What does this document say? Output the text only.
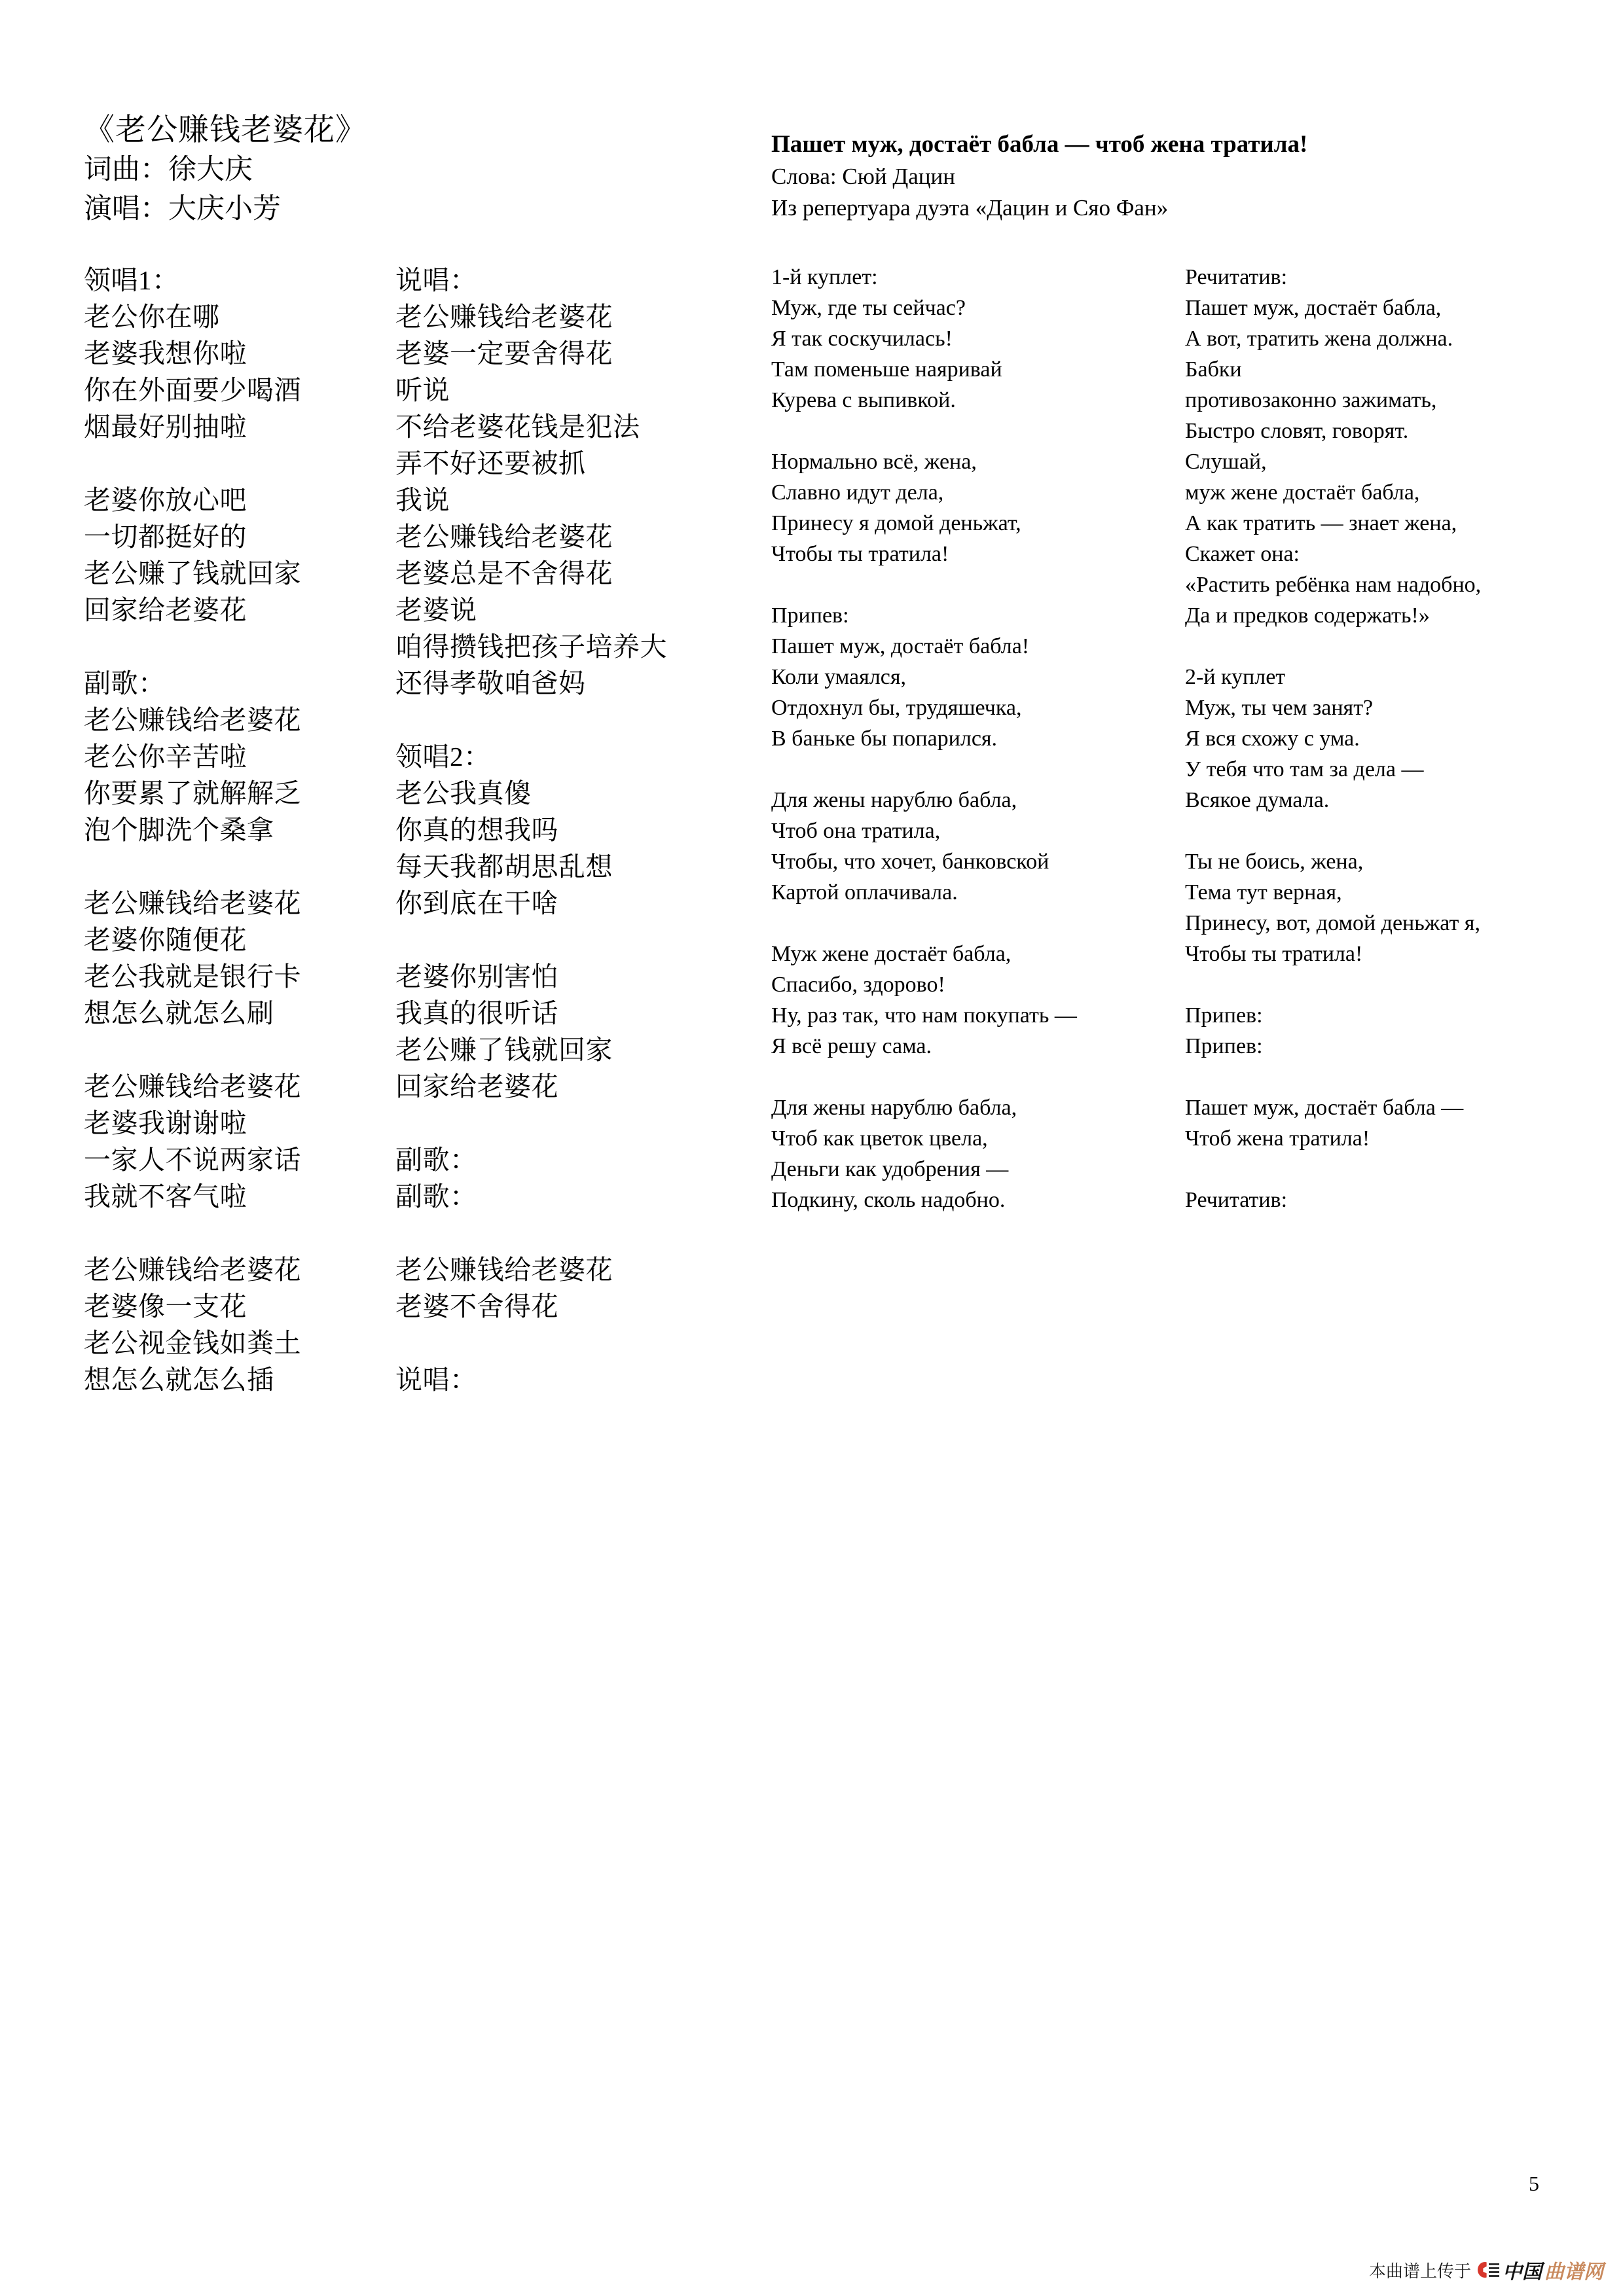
《老公赚钱老婆花》
词曲：徐大庆
演唱：大庆小芳
Пашет муж, достаёт бабла — чтоб жена тратила!
Слова: Сюй Дацин
Из репертуара дуэта «Дацин и Сяо Фан»
领唱1：
老公你在哪
老婆我想你啦
你在外面要少喝酒
烟最好别抽啦
老婆你放心吧
一切都挺好的
老公赚了钱就回家
回家给老婆花
副歌：
老公赚钱给老婆花
老公你辛苦啦
你要累了就解解乏
泡个脚洗个桑拿
老公赚钱给老婆花
老婆你随便花
老公我就是银行卡
想怎么就怎么刷
老公赚钱给老婆花
老婆我谢谢啦
一家人不说两家话
我就不客气啦
老公赚钱给老婆花
老婆像一支花
老公视金钱如粪土
想怎么就怎么插
说唱：
老公赚钱给老婆花
老婆一定要舍得花
听说
不给老婆花钱是犯法
弄不好还要被抓
我说
老公赚钱给老婆花
老婆总是不舍得花
老婆说
咱得攒钱把孩子培养大
还得孝敬咱爸妈
领唱2：
老公我真傻
你真的想我吗
每天我都胡思乱想
你到底在干啥
老婆你别害怕
我真的很听话
老公赚了钱就回家
回家给老婆花
副歌：
副歌：
老公赚钱给老婆花
老婆不舍得花
说唱：
1-й куплет:
Муж, где ты сейчас?
Я так соскучилась!
Там поменьше наяривай
Курева с выпивкой.
Нормально всё, жена,
Славно идут дела,
Принесу я домой деньжат,
Чтобы ты тратила!
Припев:
Пашет муж, достаёт бабла!
Коли умаялся,
Отдохнул бы, трудяшечка,
В баньке бы попарился.
Для жены нарублю бабла,
Чтоб она тратила,
Чтобы, что хочет, банковской
Картой оплачивала.
Муж жене достаёт бабла,
Спасибо, здорово!
Ну, раз так, что нам покупать —
Я всё решу сама.
Для жены нарублю бабла,
Чтоб как цветок цвела,
Деньги как удобрения —
Подкину, сколь надобно.
Речитатив:
Пашет муж, достаёт бабла,
А вот, тратить жена должна.
Бабки
противозаконно зажимать,
Быстро словят, говорят.
Слушай,
муж жене достаёт бабла,
А как тратить — знает жена,
Скажет она:
«Растить ребёнка нам надобно,
Да и предков содержать!»
2-й куплет
Муж, ты чем занят?
Я вся схожу с ума.
У тебя что там за дела —
Всякое думала.
Ты не боись, жена,
Тема тут верная,
Принесу, вот, домой деньжат я,
Чтобы ты тратила!
Припев:
Припев:
Пашет муж, достаёт бабла —
Чтоб жена тратила!
Речитатив:
5
本曲谱上传于 中国 曲谱网
